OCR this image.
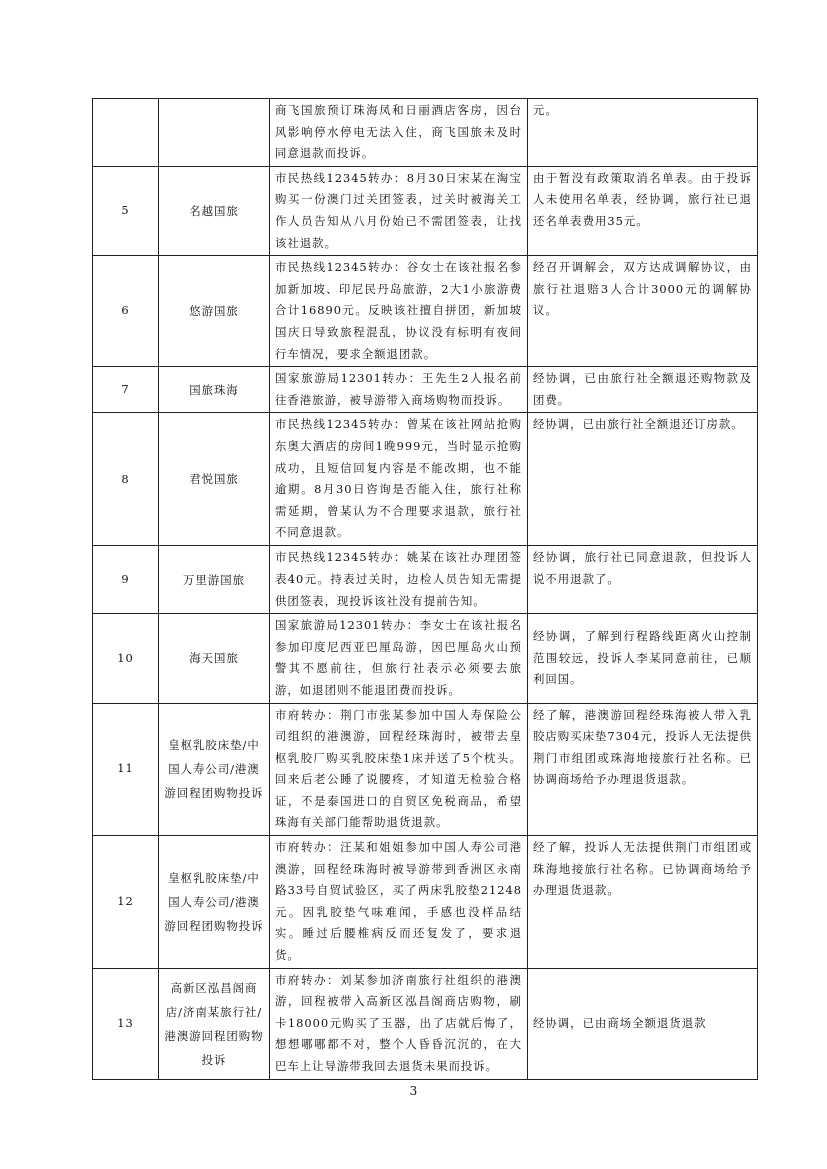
		商飞国旅预订珠海凤和日丽酒店客房，因台风影响停水停电无法入住，商飞国旅未及时同意退款而投诉。	元。
5	名越国旅	市民热线12345转办：8月30日宋某在淘宝购买一份澳门过关团签表，过关时被海关工作人员告知从八月份始已不需团签表，让找该社退款。	由于暂没有政策取消名单表。由于投诉人未使用名单表，经协调，旅行社已退还名单表费用35元。
6	悠游国旅	市民热线12345转办：谷女士在该社报名参加新加坡、印尼民丹岛旅游，2大1小旅游费合计16890元。反映该社擅自拼团，新加坡国庆日导致旅程混乱，协议没有标明有夜间行车情况，要求全额退团款。	经召开调解会，双方达成调解协议，由旅行社退赔3人合计3000元的调解协议。
7	国旅珠海	国家旅游局12301转办：王先生2人报名前往香港旅游，被导游带入商场购物而投诉。	经协调，已由旅行社全额退还购物款及团费。
8	君悦国旅	市民热线12345转办：曾某在该社网站抢购东奥大酒店的房间1晚999元，当时显示抢购成功，且短信回复内容是不能改期，也不能逾期。8月30日咨询是否能入住，旅行社称需延期，曾某认为不合理要求退款，旅行社不同意退款。	经协调，已由旅行社全额退还订房款。
9	万里游国旅	市民热线12345转办：姚某在该社办理团签表40元。持表过关时，边检人员告知无需提供团签表，现投诉该社没有提前告知。	经协调，旅行社已同意退款，但投诉人说不用退款了。
10	海天国旅	国家旅游局12301转办：李女士在该社报名参加印度尼西亚巴厘岛游，因巴厘岛火山预警其不愿前往，但旅行社表示必须要去旅游，如退团则不能退团费而投诉。	经协调，了解到行程路线距离火山控制范围较远，投诉人李某同意前往，已顺利回国。
11	皇枢乳胶床垫/中国人寿公司/港澳游回程团购物投诉	市府转办：荆门市张某参加中国人寿保险公司组织的港澳游，回程经珠海时，被带去皇枢乳胶厂购买乳胶床垫1床并送了5个枕头。回来后老公睡了说腰疼，才知道无检验合格证，不是泰国进口的自贸区免税商品，希望珠海有关部门能帮助退货退款。	经了解，港澳游回程经珠海被人带入乳胶店购买床垫7304元，投诉人无法提供荆门市组团或珠海地接旅行社名称。已协调商场给予办理退货退款。
12	皇枢乳胶床垫/中国人寿公司/港澳游回程团购物投诉	市府转办：汪某和姐姐参加中国人寿公司港澳游，回程经珠海时被导游带到香洲区永南路33号自贸试验区，买了两床乳胶垫21248元。因乳胶垫气味难闻，手感也没样品结实。睡过后腰椎病反而还复发了，要求退货。	经了解，投诉人无法提供荆门市组团或珠海地接旅行社名称。已协调商场给予办理退货退款。
13	高新区泓昌阁商店/济南某旅行社/港澳游回程团购物投诉	市府转办：刘某参加济南旅行社组织的港澳游，回程被带入高新区泓昌阁商店购物，刷卡18000元购买了玉器，出了店就后悔了，想想哪哪都不对，整个人昏昏沉沉的，在大巴车上让导游带我回去退货未果而投诉。	经协调，已由商场全额退货退款
3
